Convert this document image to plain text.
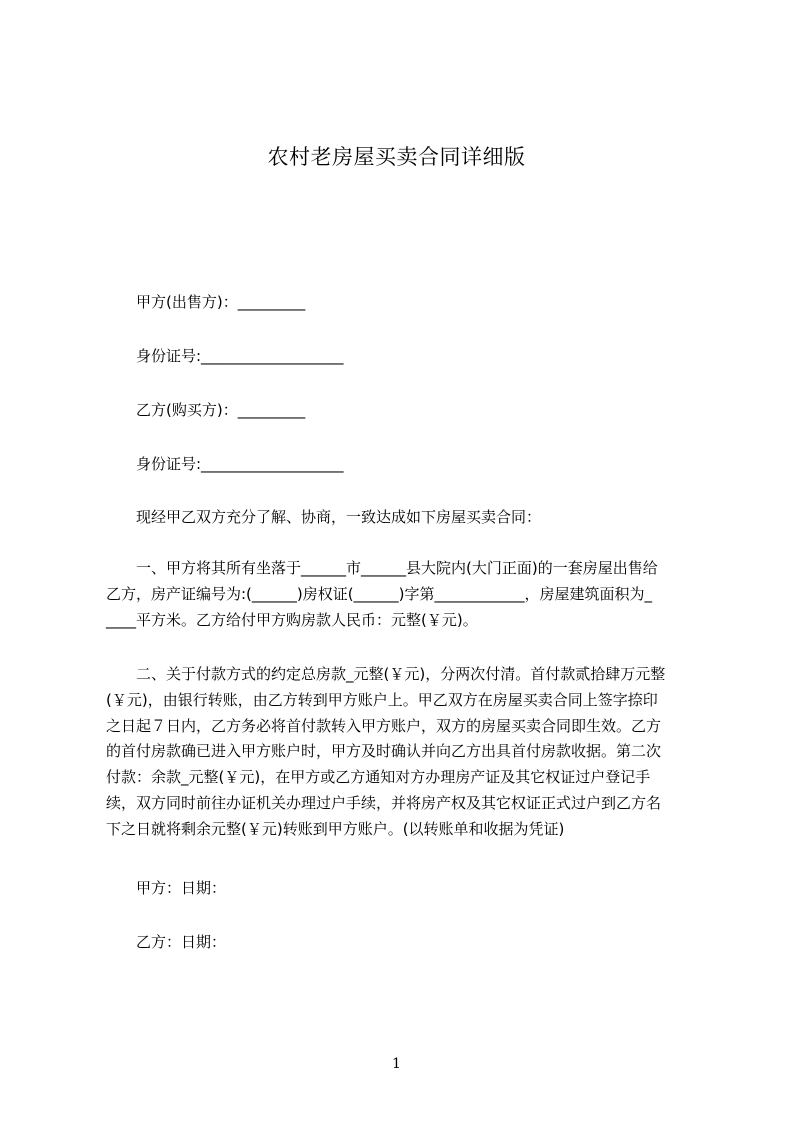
农村老房屋买卖合同详细版
甲方(出售方)：_________
身份证号:___________________
乙方(购买方)：_________
身份证号:___________________
现经甲乙双方充分了解、协商，一致达成如下房屋买卖合同：
一、甲方将其所有坐落于______市______县大院内(大门正面)的一套房屋出售给
乙方，房产证编号为:(______)房权证(______)字第____________，房屋建筑面积为_
____平方米。乙方给付甲方购房款人民币：元整(￥元)。
二、关于付款方式的约定总房款_元整(￥元)，分两次付清。首付款贰拾肆万元整
(￥元)，由银行转账，由乙方转到甲方账户上。甲乙双方在房屋买卖合同上签字捺印
之日起７日内，乙方务必将首付款转入甲方账户，双方的房屋买卖合同即生效。乙方
的首付房款确已进入甲方账户时，甲方及时确认并向乙方出具首付房款收据。第二次
付款：余款_元整(￥元)，在甲方或乙方通知对方办理房产证及其它权证过户登记手
续，双方同时前往办证机关办理过户手续，并将房产权及其它权证正式过户到乙方名
下之日就将剩余元整(￥元)转账到甲方账户。(以转账单和收据为凭证)
甲方：日期：
乙方：日期：
1
